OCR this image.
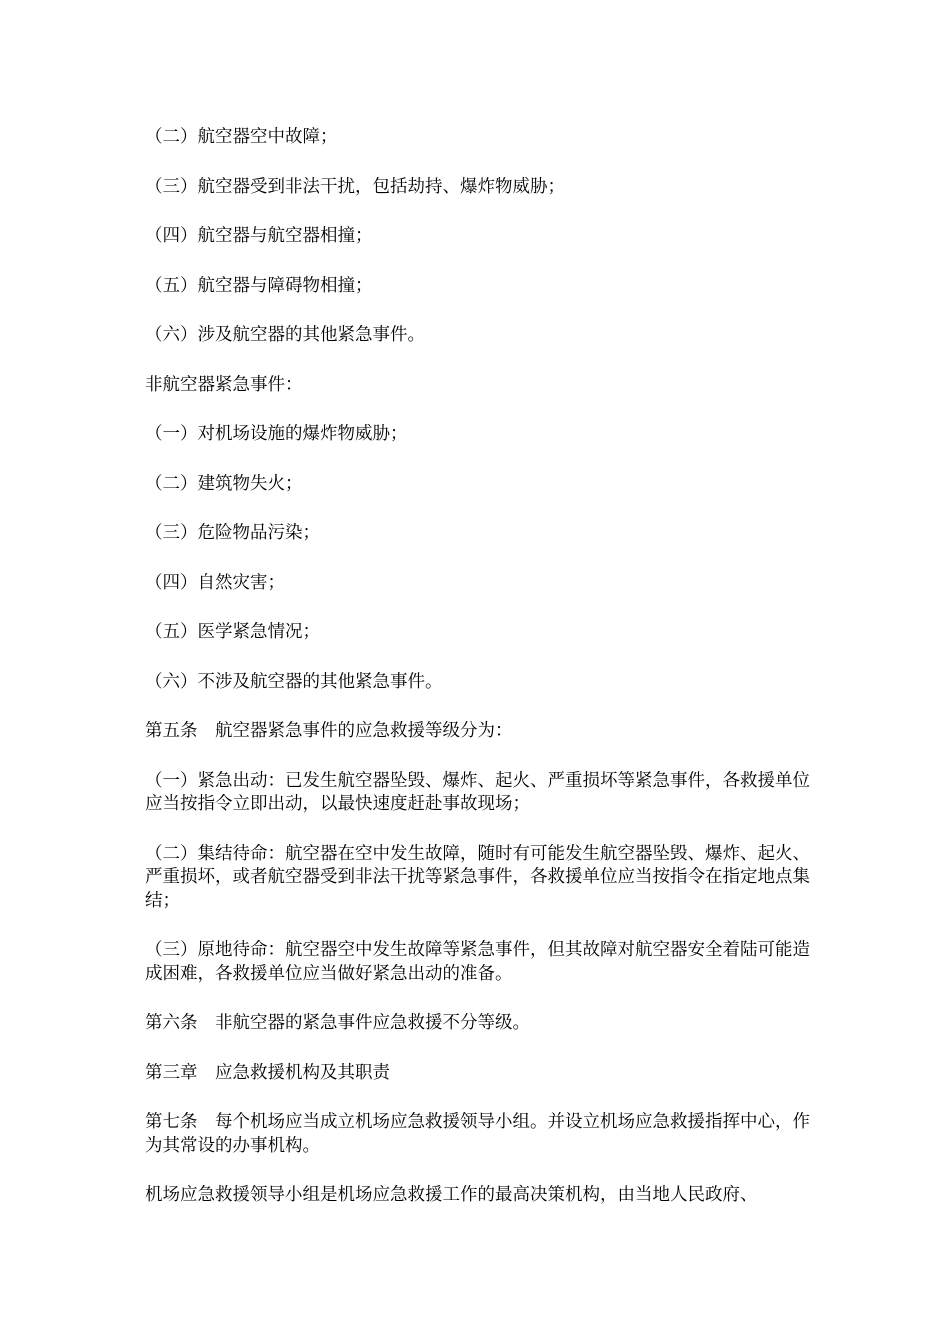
（二）航空器空中故障；

（三）航空器受到非法干扰，包括劫持、爆炸物威胁；

（四）航空器与航空器相撞；

（五）航空器与障碍物相撞；

（六）涉及航空器的其他紧急事件。

非航空器紧急事件：

（一）对机场设施的爆炸物威胁；

（二）建筑物失火；

（三）危险物品污染；

（四）自然灾害；

（五）医学紧急情况；

（六）不涉及航空器的其他紧急事件。

第五条　航空器紧急事件的应急救援等级分为：

（一）紧急出动：已发生航空器坠毁、爆炸、起火、严重损坏等紧急事件，各救援单位应当按指令立即出动，以最快速度赶赴事故现场；

（二）集结待命：航空器在空中发生故障，随时有可能发生航空器坠毁、爆炸、起火、严重损坏，或者航空器受到非法干扰等紧急事件，各救援单位应当按指令在指定地点集结；

（三）原地待命：航空器空中发生故障等紧急事件，但其故障对航空器安全着陆可能造成困难，各救援单位应当做好紧急出动的准备。

第六条　非航空器的紧急事件应急救援不分等级。

第三章　应急救援机构及其职责

第七条　每个机场应当成立机场应急救援领导小组。并设立机场应急救援指挥中心，作为其常设的办事机构。

机场应急救援领导小组是机场应急救援工作的最高决策机构，由当地人民政府、
